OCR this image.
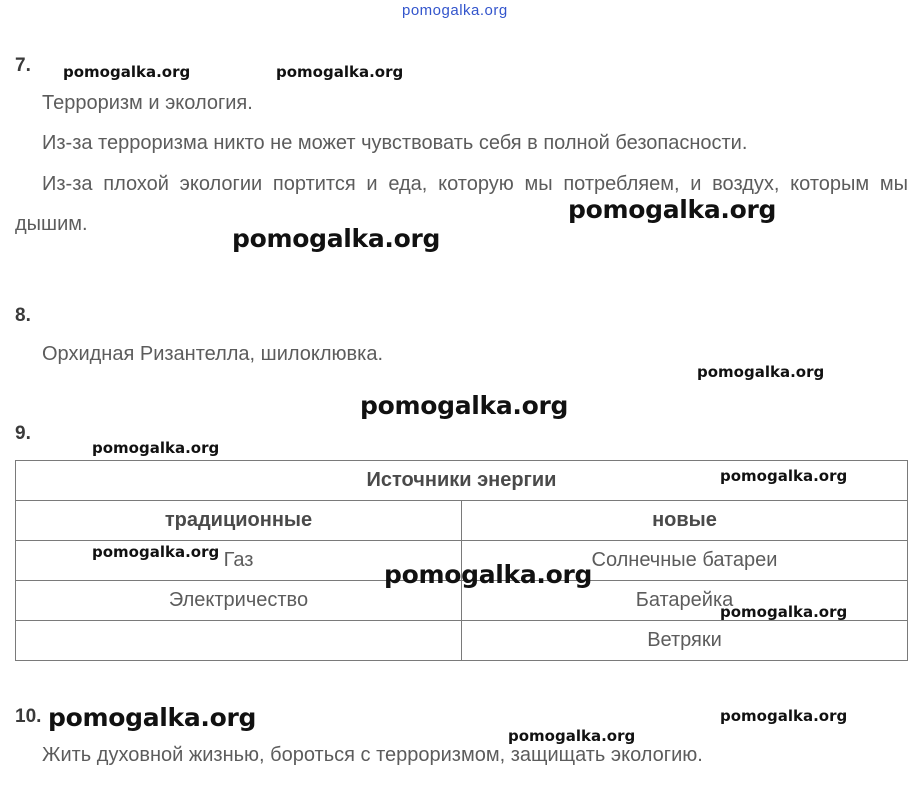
pomogalka.org
7.
Терроризм и экология.
Из-за терроризма никто не может чувствовать себя в полной безопасности.
Из-за плохой экологии портится и еда, которую мы потребляем, и воздух, которым мы дышим.
8.
Орхидная Ризантелла, шилоклювка.
9.
Источники энергии	
традиционные	новые
Газ	Солнечные батареи
Электричество	Батарейка
	Ветряки
10.
Жить духовной жизнью, бороться с терроризмом, защищать экологию.
pomogalka.org	pomogalka.org
pomogalka.org
pomogalka.org
pomogalka.org
pomogalka.org
pomogalka.org
pomogalka.org
pomogalka.org
pomogalka.org
pomogalka.org
pomogalka.org	pomogalka.org
pomogalka.org
